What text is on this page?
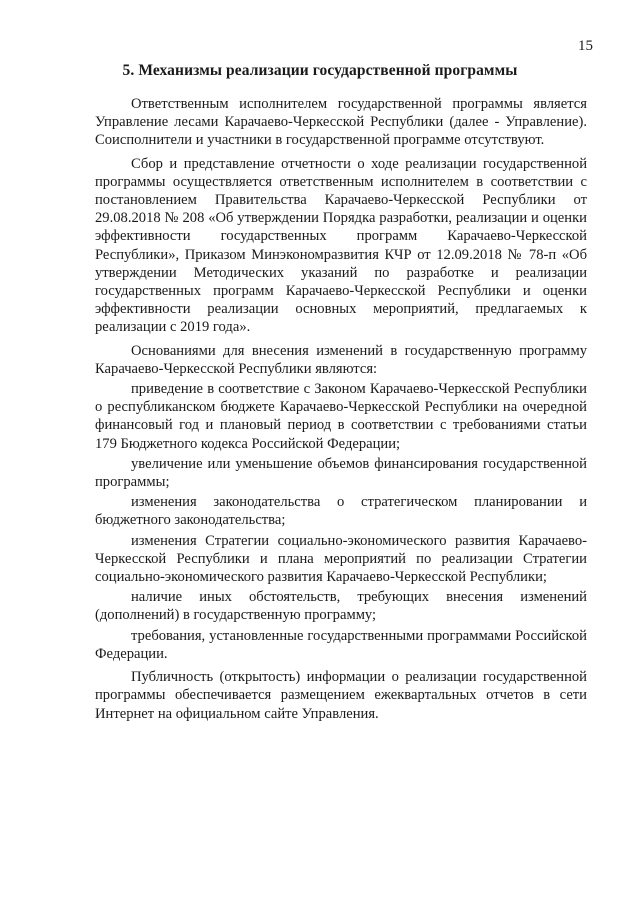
15
5. Механизмы реализации государственной программы

Ответственным исполнителем государственной программы является Управление лесами Карачаево-Черкесской Республики (далее - Управление). Соисполнители и участники в государственной программе отсутствуют.

Сбор и представление отчетности о ходе реализации государственной программы осуществляется ответственным исполнителем в соответствии с постановлением Правительства Карачаево-Черкесской Республики от 29.08.2018 № 208 «Об утверждении Порядка разработки, реализации и оценки эффективности государственных программ Карачаево-Черкесской Республики», Приказом Минэкономразвития КЧР от 12.09.2018 № 78-п «Об утверждении Методических указаний по разработке и реализации государственных программ Карачаево-Черкесской Республики и оценки эффективности реализации основных мероприятий, предлагаемых к реализации с 2019 года».

Основаниями для внесения изменений в государственную программу Карачаево-Черкесской Республики являются:

приведение в соответствие с Законом Карачаево-Черкесской Республики о республиканском бюджете Карачаево-Черкесской Республики на очередной финансовый год и плановый период в соответствии с требованиями статьи 179 Бюджетного кодекса Российской Федерации;

увеличение или уменьшение объемов финансирования государственной программы;

изменения законодательства о стратегическом планировании и бюджетного законодательства;

изменения Стратегии социально-экономического развития Карачаево-Черкесской Республики и плана мероприятий по реализации Стратегии социально-экономического развития Карачаево-Черкесской Республики;

наличие иных обстоятельств, требующих внесения изменений (дополнений) в государственную программу;

требования, установленные государственными программами Российской Федерации.

Публичность (открытость) информации о реализации государственной программы обеспечивается размещением ежеквартальных отчетов в сети Интернет на официальном сайте Управления.
